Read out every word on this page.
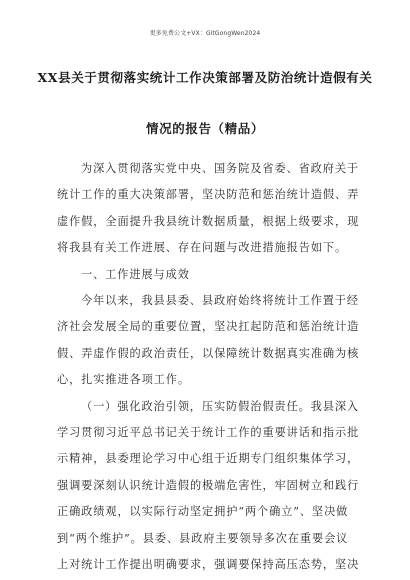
更多免费公文+VX：GitGongWen2024
XX县关于贯彻落实统计工作决策部署及防治统计造假有关
情况的报告（精品）
为深入贯彻落实党中央、国务院及省委、省政府关于
统计工作的重大决策部署，坚决防范和惩治统计造假、弄
虚作假，全面提升我县统计数据质量，根据上级要求，现
将我县有关工作进展、存在问题与改进措施报告如下。
一、工作进展与成效
今年以来，我县县委、县政府始终将统计工作置于经
济社会发展全局的重要位置，坚决扛起防范和惩治统计造
假、弄虚作假的政治责任，以保障统计数据真实准确为核
心，扎实推进各项工作。
（一）强化政治引领，压实防假治假责任。我县深入
学习贯彻习近平总书记关于统计工作的重要讲话和指示批
示精神，县委理论学习中心组于近期专门组织集体学习，
强调要深刻认识统计造假的极端危害性，牢固树立和践行
正确政绩观，以实际行动坚定拥护“两个确立”、坚决做
到“两个维护”。县委、县政府主要领导多次在重要会议
上对统计工作提出明确要求，强调要保持高压态势，坚决
